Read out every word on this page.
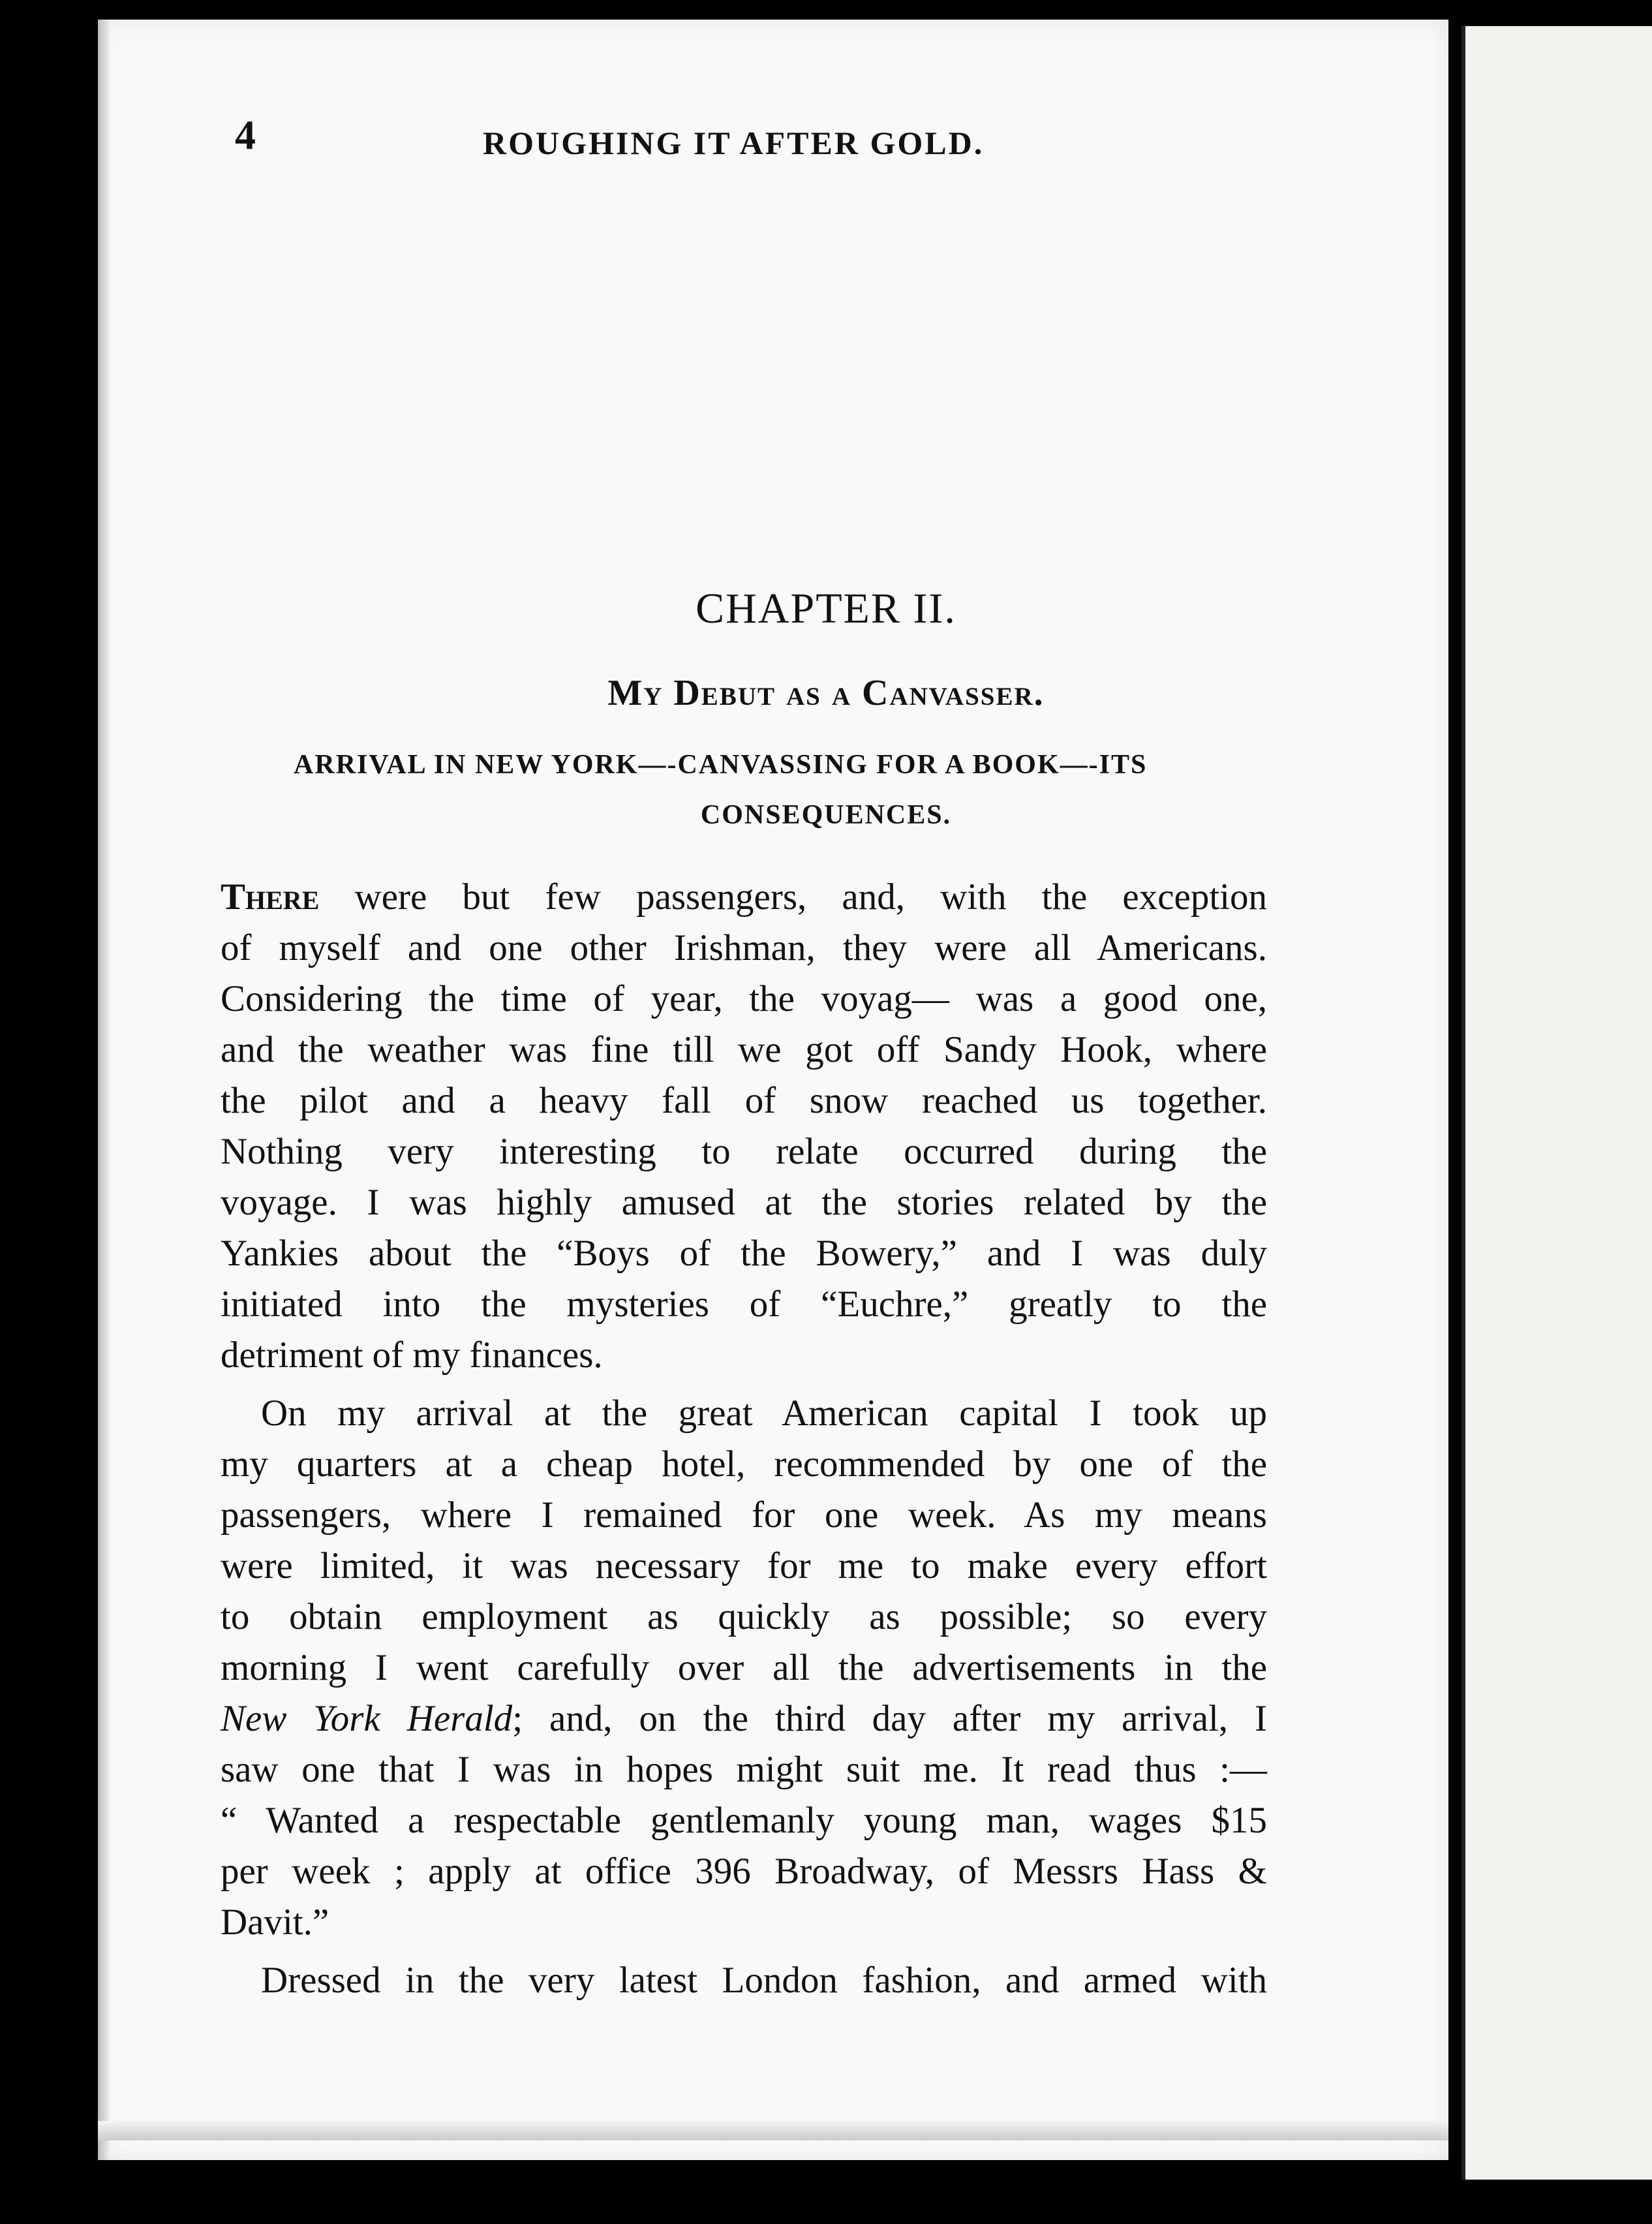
4	ROUGHING IT AFTER GOLD.
CHAPTER II.
My Debut as a Canvasser.
ARRIVAL IN NEW YORK—-CANVASSING FOR A BOOK—-ITS
CONSEQUENCES.
There were but few passengers, and, with the exception
of myself and one other Irishman, they were all Americans.
Considering the time of year, the voyag— was a good one,
and the weather was fine till we got off Sandy Hook, where
the pilot and a heavy fall of snow reached us together.
Nothing very interesting to relate occurred during the
voyage. I was highly amused at the stories related by the
Yankies about the “Boys of the Bowery,” and I was duly
initiated into the mysteries of “Euchre,” greatly to the
detriment of my finances.
On my arrival at the great American capital I took up
my quarters at a cheap hotel, recommended by one of the
passengers, where I remained for one week. As my means
were limited, it was necessary for me to make every effort
to obtain employment as quickly as possible; so every
morning I went carefully over all the advertisements in the
New York Herald; and, on the third day after my arrival, I
saw one that I was in hopes might suit me. It read thus :—
“ Wanted a respectable gentlemanly young man, wages $15
per week ; apply at office 396 Broadway, of Messrs Hass &
Davit.”
Dressed in the very latest London fashion, and armed with
